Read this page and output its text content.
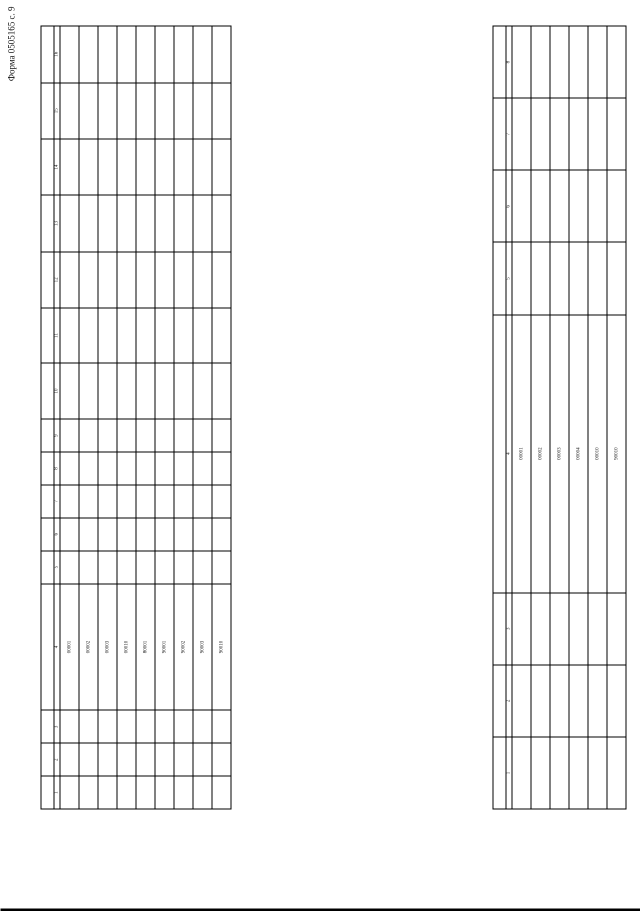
Форма 0505165 с. 9

1	2	3	4	5	6	7	8	9	10	11	12	13	14	15	16
			00001												
			00002												
			00003												
			00010												
			80001												
			90001												
			90002												
			90003												
			90010												

1	2	3	4	5	6	7	8
			00001				
			00002				
			00003				
			00004				
			00010				
			90010				
